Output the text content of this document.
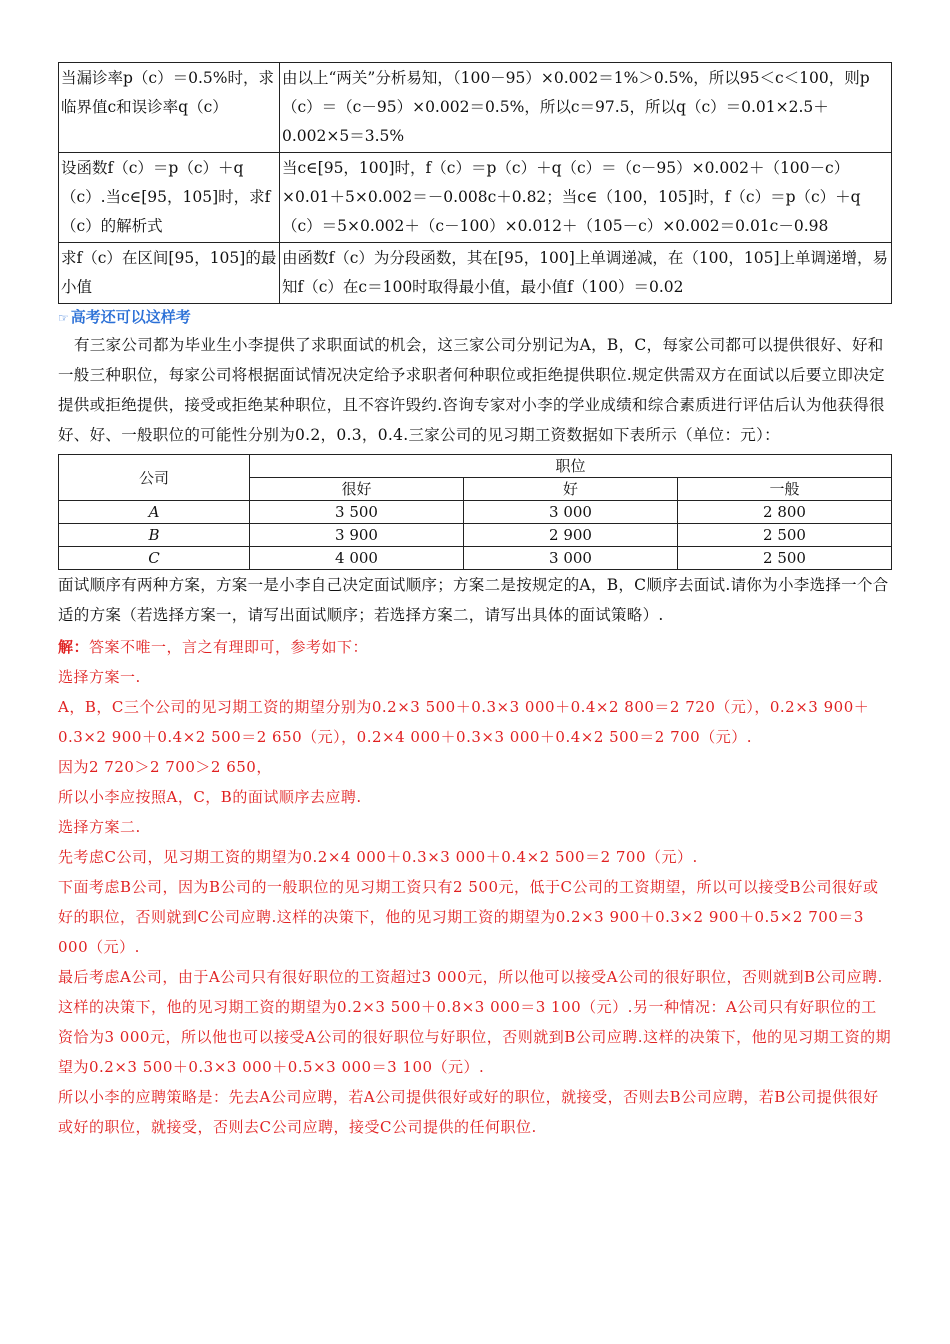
当漏诊率p（c）＝0.5%时，求临界值c和误诊率q（c）	由以上“两关”分析易知，（100－95）×0.002＝1%＞0.5%，所以95＜c＜100，则p（c）＝（c－95）×0.002＝0.5%，所以c＝97.5，所以q（c）＝0.01×2.5＋0.002×5＝3.5%
设函数f（c）＝p（c）＋q（c）.当c∈[95，105]时，求f（c）的解析式	当c∈[95，100]时，f（c）＝p（c）＋q（c）＝（c－95）×0.002＋（100－c）×0.01＋5×0.002＝－0.008c＋0.82；当c∈（100，105]时，f（c）＝p（c）＋q（c）＝5×0.002＋（c－100）×0.012＋（105－c）×0.002＝0.01c－0.98
求f（c）在区间[95，105]的最小值	由函数f（c）为分段函数，其在[95，100]上单调递减，在（100，105]上单调递增，易知f（c）在c＝100时取得最小值，最小值f（100）＝0.02
☞ 高考还可以这样考

有三家公司都为毕业生小李提供了求职面试的机会，这三家公司分别记为A，B，C，每家公司都可以提供很好、好和一般三种职位，每家公司将根据面试情况决定给予求职者何种职位或拒绝提供职位.规定供需双方在面试以后要立即决定提供或拒绝提供，接受或拒绝某种职位，且不容许毁约.咨询专家对小李的学业成绩和综合素质进行评估后认为他获得很好、好、一般职位的可能性分别为0.2，0.3，0.4.三家公司的见习期工资数据如下表所示（单位：元）：

公司	职位		
	很好	好	一般
A	3 500	3 000	2 800
B	3 900	2 900	2 500
C	4 000	3 000	2 500

面试顺序有两种方案，方案一是小李自己决定面试顺序；方案二是按规定的A，B，C顺序去面试.请你为小李选择一个合适的方案（若选择方案一，请写出面试顺序；若选择方案二，请写出具体的面试策略）.

解：答案不唯一，言之有理即可，参考如下：

选择方案一.

A，B，C三个公司的见习期工资的期望分别为0.2×3 500＋0.3×3 000＋0.4×2 800＝2 720（元），0.2×3 900＋0.3×2 900＋0.4×2 500＝2 650（元），0.2×4 000＋0.3×3 000＋0.4×2 500＝2 700（元）.

因为2 720＞2 700＞2 650，

所以小李应按照A，C，B的面试顺序去应聘.

选择方案二.

先考虑C公司，见习期工资的期望为0.2×4 000＋0.3×3 000＋0.4×2 500＝2 700（元）.

下面考虑B公司，因为B公司的一般职位的见习期工资只有2 500元，低于C公司的工资期望，所以可以接受B公司很好或好的职位，否则就到C公司应聘.这样的决策下，他的见习期工资的期望为0.2×3 900＋0.3×2 900＋0.5×2 700＝3 000（元）.

最后考虑A公司，由于A公司只有很好职位的工资超过3 000元，所以他可以接受A公司的很好职位，否则就到B公司应聘.这样的决策下，他的见习期工资的期望为0.2×3 500＋0.8×3 000＝3 100（元）.另一种情况：A公司只有好职位的工资恰为3 000元，所以他也可以接受A公司的很好职位与好职位，否则就到B公司应聘.这样的决策下，他的见习期工资的期望为0.2×3 500＋0.3×3 000＋0.5×3 000＝3 100（元）.

所以小李的应聘策略是：先去A公司应聘，若A公司提供很好或好的职位，就接受，否则去B公司应聘，若B公司提供很好或好的职位，就接受，否则去C公司应聘，接受C公司提供的任何职位.
